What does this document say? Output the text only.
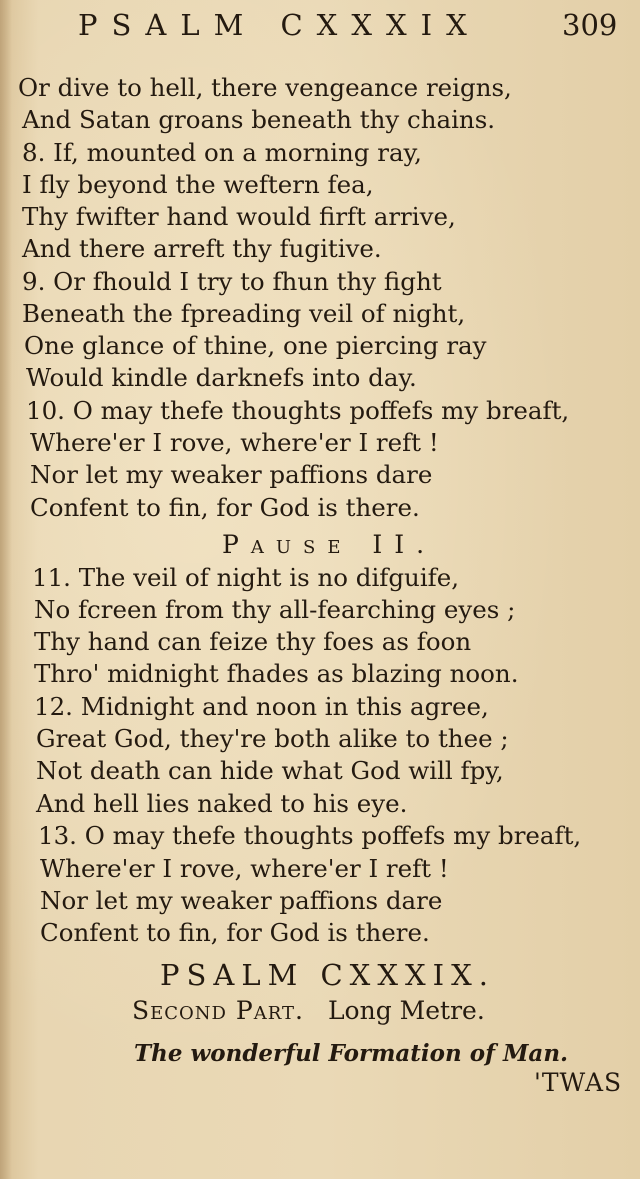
PSALM CXXXIX	309
Or dive to hell, there vengeance reigns,
And Satan groans beneath thy chains.
8. If, mounted on a morning ray,
I fly beyond the weftern fea,
Thy fwifter hand would firft arrive,
And there arreft thy fugitive.
9. Or fhould I try to fhun thy fight
Beneath the fpreading veil of night,
One glance of thine, one piercing ray
Would kindle darknefs into day.
10. O may thefe thoughts poffefs my breaft,
Where'er I rove, where'er I reft !
Nor let my weaker paffions dare
Confent to fin, for God is there.
Pause II.
11. The veil of night is no difguife,
No fcreen from thy all-fearching eyes ;
Thy hand can feize thy foes as foon
Thro' midnight fhades as blazing noon.
12. Midnight and noon in this agree,
Great God, they're both alike to thee ;
Not death can hide what God will fpy,
And hell lies naked to his eye.
13. O may thefe thoughts poffefs my breaft,
Where'er I rove, where'er I reft !
Nor let my weaker paffions dare
Confent to fin, for God is there.
PSALM CXXXIX.
Second Part. Long Metre.
The wonderful Formation of Man.
'TWAS
